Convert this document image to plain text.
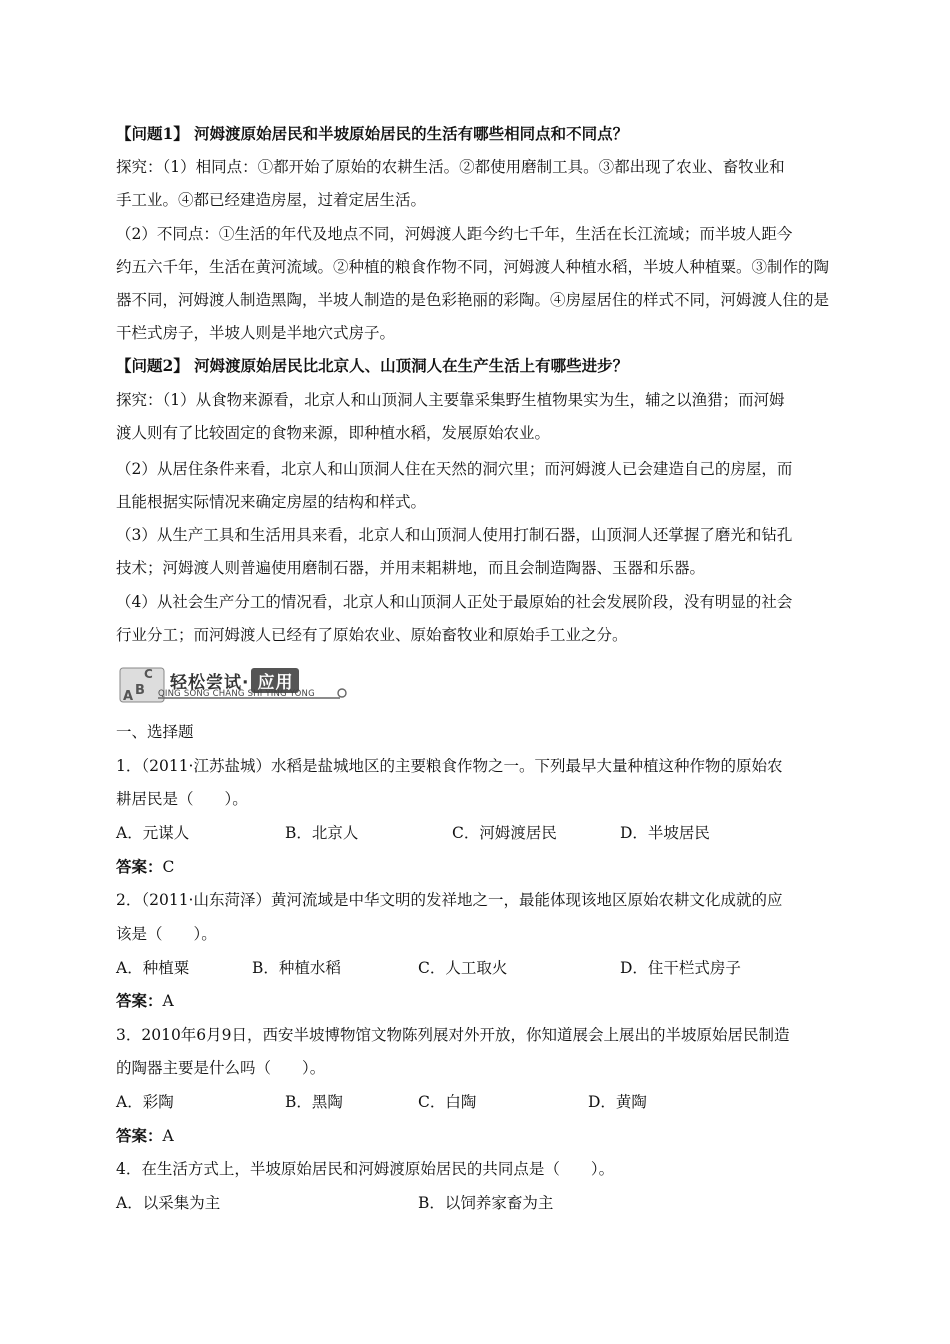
【问题1】 河姆渡原始居民和半坡原始居民的生活有哪些相同点和不同点？
探究：（1）相同点：①都开始了原始的农耕生活。②都使用磨制工具。③都出现了农业、畜牧业和
手工业。④都已经建造房屋，过着定居生活。
（2）不同点：①生活的年代及地点不同，河姆渡人距今约七千年，生活在长江流域；而半坡人距今
约五六千年，生活在黄河流域。②种植的粮食作物不同，河姆渡人种植水稻，半坡人种植粟。③制作的陶
器不同，河姆渡人制造黑陶，半坡人制造的是色彩艳丽的彩陶。④房屋居住的样式不同，河姆渡人住的是
干栏式房子，半坡人则是半地穴式房子。
【问题2】 河姆渡原始居民比北京人、山顶洞人在生产生活上有哪些进步？
探究：（1）从食物来源看，北京人和山顶洞人主要靠采集野生植物果实为生，辅之以渔猎；而河姆
渡人则有了比较固定的食物来源，即种植水稻，发展原始农业。
（2）从居住条件来看，北京人和山顶洞人住在天然的洞穴里；而河姆渡人已会建造自己的房屋，而
且能根据实际情况来确定房屋的结构和样式。
（3）从生产工具和生活用具来看，北京人和山顶洞人使用打制石器，山顶洞人还掌握了磨光和钻孔
技术；河姆渡人则普遍使用磨制石器，并用耒耜耕地，而且会制造陶器、玉器和乐器。
（4）从社会生产分工的情况看，北京人和山顶洞人正处于最原始的社会发展阶段，没有明显的社会
行业分工；而河姆渡人已经有了原始农业、原始畜牧业和原始手工业之分。
C
A B 轻松尝试· 应用
QING SONG CHANG SHI YING YONG
一、选择题
1．（2011·江苏盐城）水稻是盐城地区的主要粮食作物之一。下列最早大量种植这种作物的原始农
耕居民是（　　）。
A．元谋人	B．北京人	C．河姆渡居民	D．半坡居民
答案：C
2．（2011·山东菏泽）黄河流域是中华文明的发祥地之一，最能体现该地区原始农耕文化成就的应
该是（　　）。
A．种植粟	B．种植水稻	C．人工取火	D．住干栏式房子
答案：A
3．2010年6月9日，西安半坡博物馆文物陈列展对外开放，你知道展会上展出的半坡原始居民制造
的陶器主要是什么吗（　　）。
A．彩陶	B．黑陶	C．白陶	D．黄陶
答案：A
4．在生活方式上，半坡原始居民和河姆渡原始居民的共同点是（　　）。
A．以采集为主	B．以饲养家畜为主
